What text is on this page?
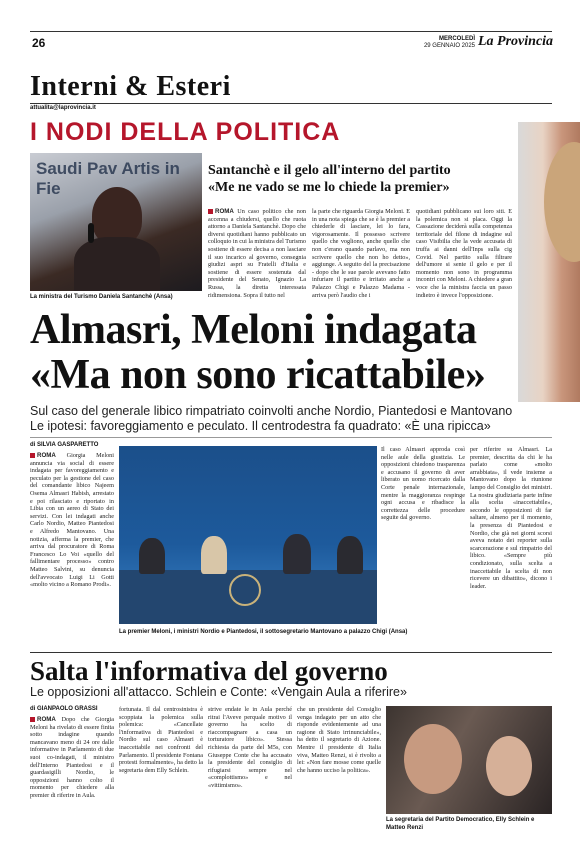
26	MERCOLEDÌ
29 GENNAIO 2025 La Provincia
Interni & Esteri
attualita@laprovincia.it
I NODI DELLA POLITICA
Saudi Pav Artis in Fie
La ministra del Turismo Daniela Santanchè (Ansa)
Santanchè e il gelo all'interno del partito
«Me ne vado se me lo chiede la premier»
ROMA Un caso politico che non accenna a chiudersi, quello che ruota attorno a Daniela Santanchè. Dopo che diversi quotidiani hanno pubblicato un colloquio in cui la ministra del Turismo sostiene di essere decisa a non lasciare il suo incarico al governo, consegnia giudizi aspri su Fratelli d'Italia e sostiene di essere sostenuta dal presidente del Senato, Ignazio La Russa, la diretta interessata ridimensiona. Sopra il tutto nel
la parte che riguarda Giorgia Meloni. E in una nota spiega che se è la premier a chiederle di lasciare, lei lo fara, vigorosamente. Il possesso scrivere quello che vogliono, anche quello che non c'erano quando parlavo, ma non scrivere quello che non ho detto», aggiunge. A seguito del la precisazione - dopo che le sue parole avevano fatto infuriare il partito e irritato anche a Palazzo Chigi e Palazzo Madama - arriva però l'audio che i
quotidiani pubblicano sui loro siti. E la polemica non si placa. Oggi la Cassazione deciderà sulla competenza territoriale del filone di indagine sul caso Visibilia che la vede accusata di truffa ai danni dell'Inps sulla cig Covid. Nel partito sulla filtrare dell'umore si sente il gelo e per il momento non sono in programma incontri con Meloni. A chiedere a gran voce che la ministra faccia un passo indietro è invece l'opposizione.
Almasri, Meloni indagata
«Ma non sono ricattabile»
Sul caso del generale libico rimpatriato coinvolti anche Nordio, Piantedosi e Mantovano
Le ipotesi: favoreggiamento e peculato. Il centrodestra fa quadrato: «È una ripicca»
di SILVIA GASPARETTO
ROMA Giorgia Meloni annuncia via social di essere indagata per favoreggiamento e peculato per la gestione del caso del comandante libico Najeem Osema Almasri Habish, arrestato e poi rilasciato e riportato in Libia con un aereo di Stato dei servizi. Con lei indagati anche Carlo Nordio, Matteo Piantedosi e Alfredo Mantovano. Una notizia, afferma la premier, che arriva dal procuratore di Roma Francesco Lo Voi «quello del fallimentare processo» contro Matteo Salvini, su denuncia dell'avvocato Luigi Li Gotti «molto vicino a Romano Prodi».
La premier Meloni, i ministri Nordio e Piantedosi, il sottosegretario Mantovano a palazzo Chigi (Ansa)
Il caso Almasri approda così nelle aule della giustizia. Le opposizioni chiedono trasparenza e accusano il governo di aver liberato un uomo ricercato dalla Corte penale internazionale, mentre la maggioranza respinge ogni accusa e ribadisce la correttezza delle procedure seguite dal governo.
per riferire su Almasri. La premier, descritta da chi le ha parlato come «molto arrabbiata», il vede insieme a Mantovano dopo la riunione lampo del Consiglio dei ministri. La nostra giudiziaria parte infine alla scelta «inaccettabile», secondo le opposizioni di far saltare, almeno per il momento, la presenza di Piantedosi e Nordio, che già nei giorni scorsi aveva notato dei reporter sulla scarcerazione e sul rimpatrio del libico. «Sempre più condizionato, sulla scelta a inaccettabile la scelta di non ricevere un dibattito», dicono i leader.
Salta l'informativa del governo
Le opposizioni all'attacco. Schlein e Conte: «Vengain Aula a riferire»
di GIANPAOLO GRASSI
ROMA Dopo che Giorgia Meloni ha rivelato di essere finita sotto indagine quando mancavano meno di 24 ore dalle informative in Parlamento di due suoi co-indagati, il ministro dell'Interno Piantedosi e il guardasigilli Nordio, le opposizioni hanno colto il momento per chiedere alla premier di riferire in Aula.
fortunata. Il dal centrosinistra è scoppiata la polemica sulla polemica: «Cancellate l'informativa di Piantedosi e Nordio sul caso Almasri è inaccettabile nei confronti del Parlamento. Il presidente Fontana protesti formalmente», ha detto la segretaria dem Elly Schlein.
strive endate le in Aula perché ritrai l'Aveve perquale motivo il governo ha scelto di riaccompagnare a casa un torturatore libico». Stessa richiesta da parte del M5s, con Giuseppe Conte che ha accusato la presidente del consiglio di rifugiarsi sempre nel «complottismo» e nel «vittimismo».
che un presidente del Consiglio venga indagato per un atto che risponde evidentemente ad una ragione di Stato irrinunciabile», ha detto il segretario di Azione. Mentre il presidente di Italia viva, Matteo Renzi, si è rivolto a lei: «Non fare mosse come quelle che hanno ucciso la politica».
La segretaria del Partito Democratico, Elly Schlein e Matteo Renzi
